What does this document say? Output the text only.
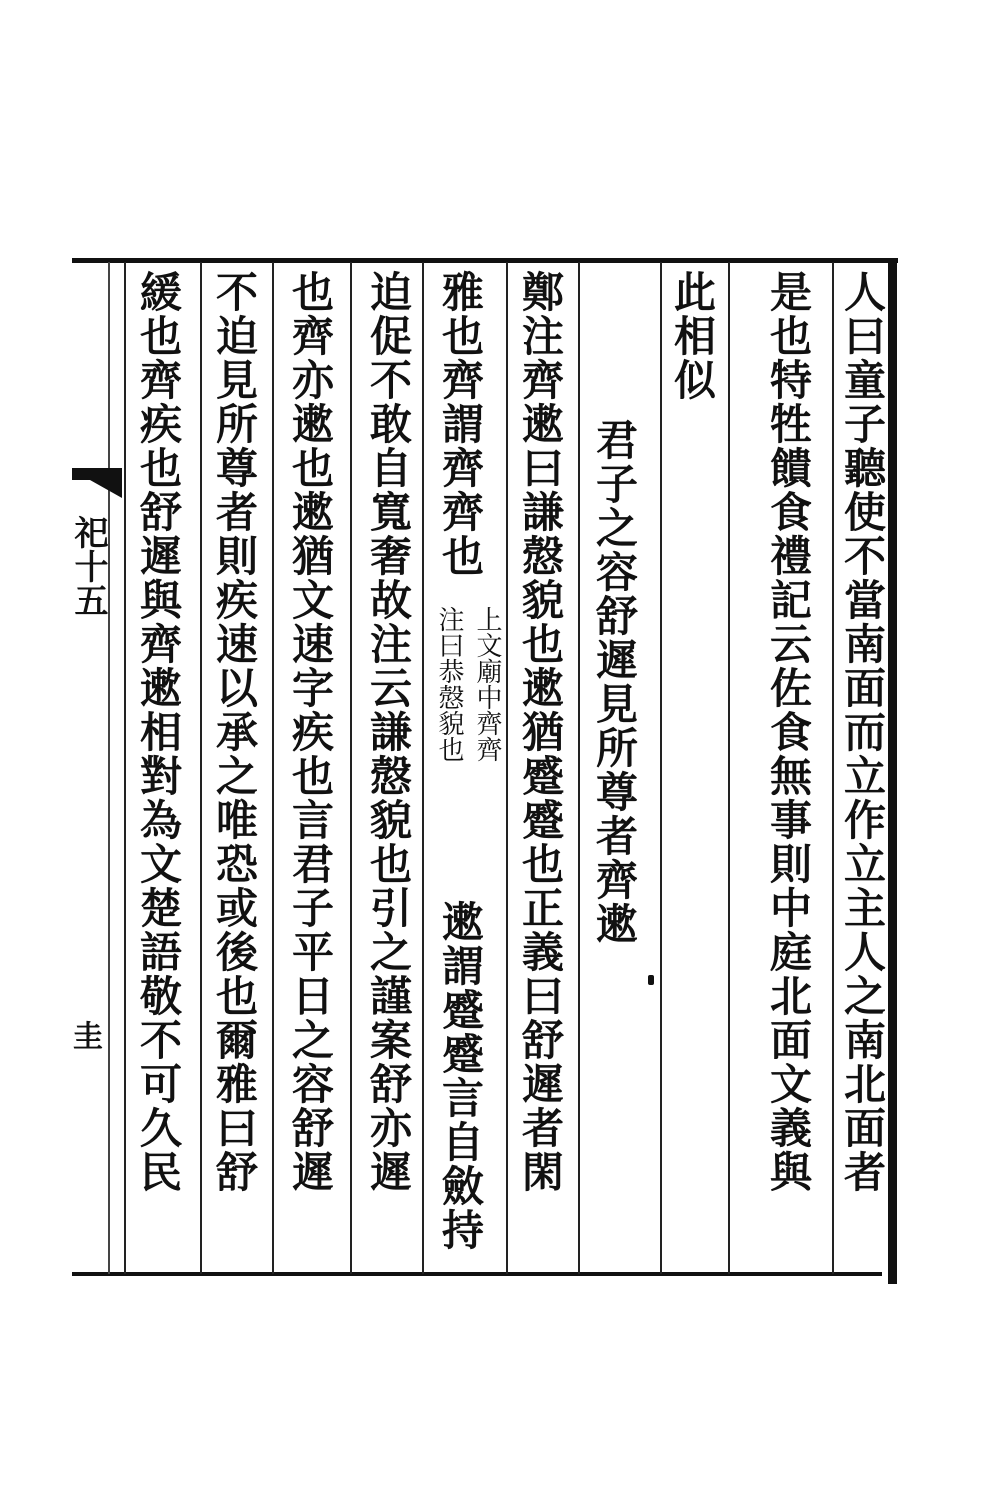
人曰童子聽使不當南面而立作立主人之南北面者
是也特牲饋食禮記云佐食無事則中庭北面文義與
此相似
君子之容舒遲見所尊者齊遬
鄭注齊遬曰謙慤貌也遬猶蹙蹙也正義曰舒遲者閑
雅也齊謂齊齊也
迫促不敢自寬奢故注云謙慤貌也引之謹案舒亦遲
也齊亦遬也遬猶文速字疾也言君子平日之容舒遲
不迫見所尊者則疾速以承之唯恐或後也爾雅曰舒
緩也齊疾也舒遲與齊遬相對為文楚語敬不可久民	上文廟中齊齊
注曰恭慤貌也
遬謂蹙蹙言自斂持
祀十五
圭
